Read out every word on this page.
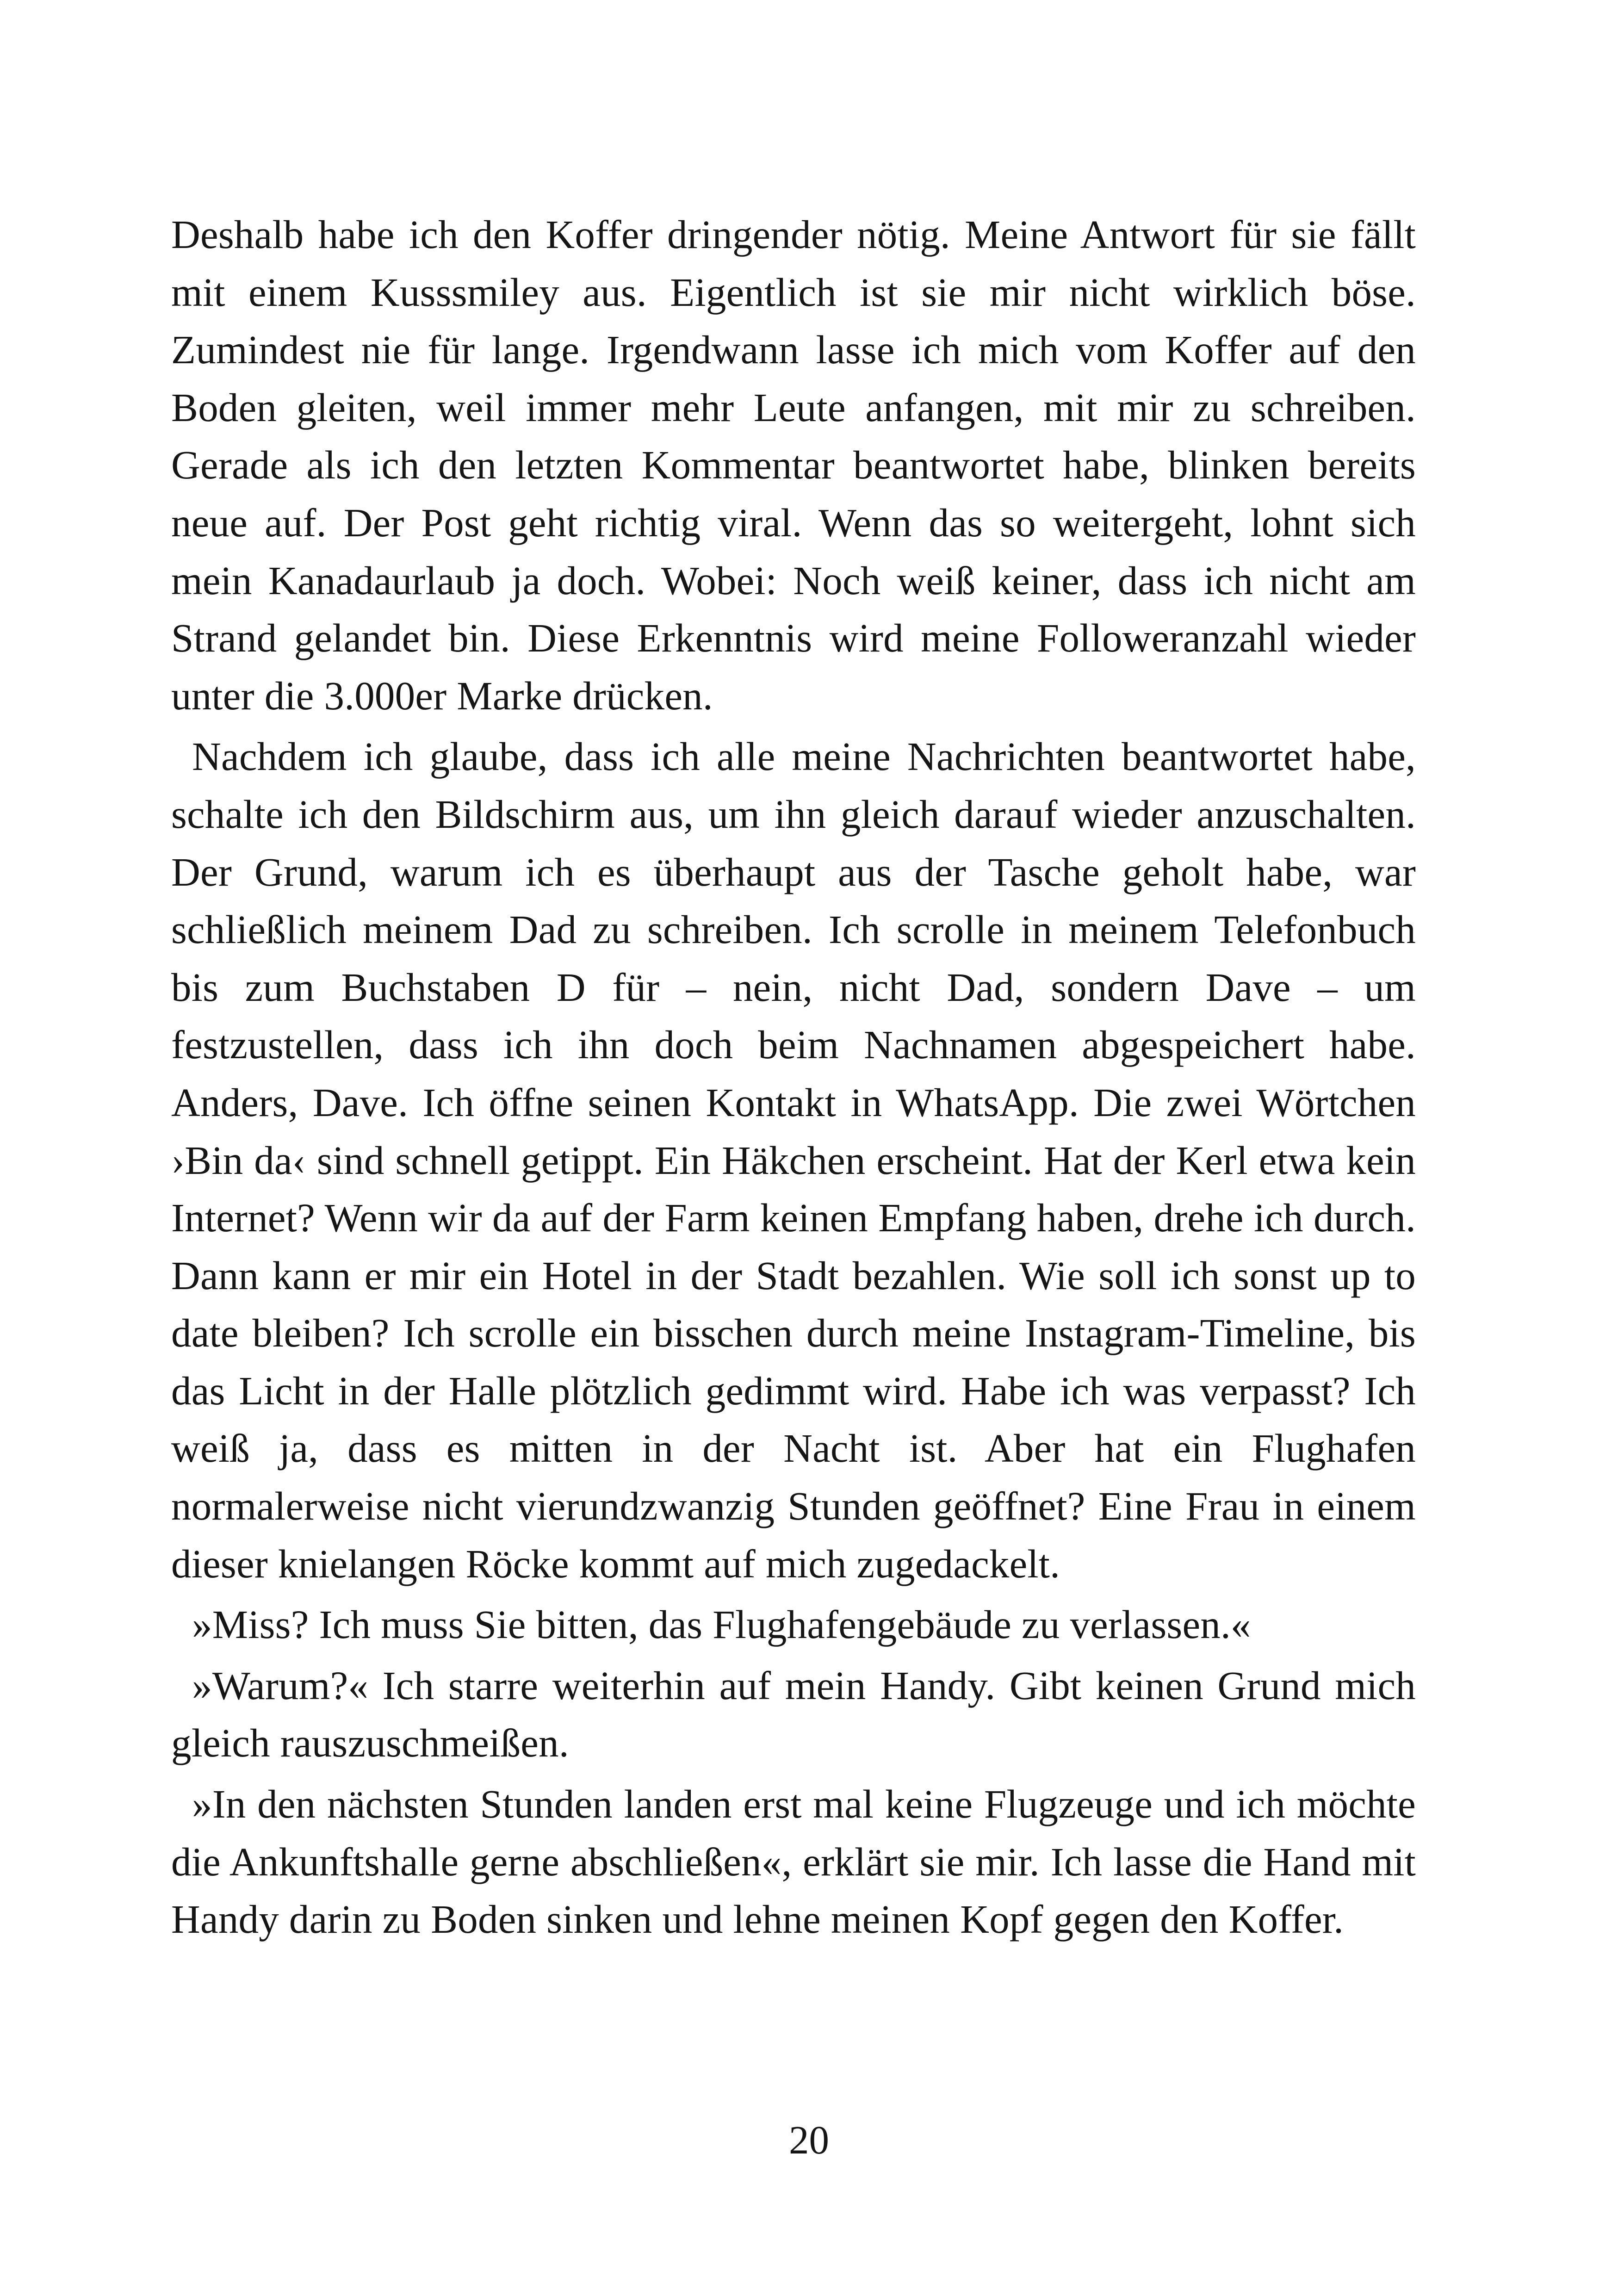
Deshalb habe ich den Koffer dringender nötig. Meine Antwort für sie fällt mit einem Kusssmiley aus. Eigentlich ist sie mir nicht wirklich böse. Zumindest nie für lange. Irgendwann lasse ich mich vom Koffer auf den Boden gleiten, weil immer mehr Leute anfangen, mit mir zu schreiben. Gerade als ich den letzten Kommentar beantwortet habe, blinken bereits neue auf. Der Post geht richtig viral. Wenn das so weitergeht, lohnt sich mein Kanadaurlaub ja doch. Wobei: Noch weiß keiner, dass ich nicht am Strand gelandet bin. Diese Erkenntnis wird meine Followeranzahl wieder unter die 3.000er Marke drücken.

Nachdem ich glaube, dass ich alle meine Nachrichten beantwortet habe, schalte ich den Bildschirm aus, um ihn gleich darauf wieder anzuschalten. Der Grund, warum ich es überhaupt aus der Tasche geholt habe, war schließlich meinem Dad zu schreiben. Ich scrolle in meinem Telefonbuch bis zum Buchstaben D für – nein, nicht Dad, sondern Dave – um festzustellen, dass ich ihn doch beim Nachnamen abgespeichert habe. Anders, Dave. Ich öffne seinen Kontakt in WhatsApp. Die zwei Wörtchen ›Bin da‹ sind schnell getippt. Ein Häkchen erscheint. Hat der Kerl etwa kein Internet? Wenn wir da auf der Farm keinen Empfang haben, drehe ich durch. Dann kann er mir ein Hotel in der Stadt bezahlen. Wie soll ich sonst up to date bleiben? Ich scrolle ein bisschen durch meine Instagram-Timeline, bis das Licht in der Halle plötzlich gedimmt wird. Habe ich was verpasst? Ich weiß ja, dass es mitten in der Nacht ist. Aber hat ein Flughafen normalerweise nicht vierundzwanzig Stunden geöffnet? Eine Frau in einem dieser knielangen Röcke kommt auf mich zugedackelt.

»Miss? Ich muss Sie bitten, das Flughafengebäude zu verlassen.«

»Warum?« Ich starre weiterhin auf mein Handy. Gibt keinen Grund mich gleich rauszuschmeißen.

»In den nächsten Stunden landen erst mal keine Flugzeuge und ich möchte die Ankunftshalle gerne abschließen«, erklärt sie mir. Ich lasse die Hand mit Handy darin zu Boden sinken und lehne meinen Kopf gegen den Koffer.

20
